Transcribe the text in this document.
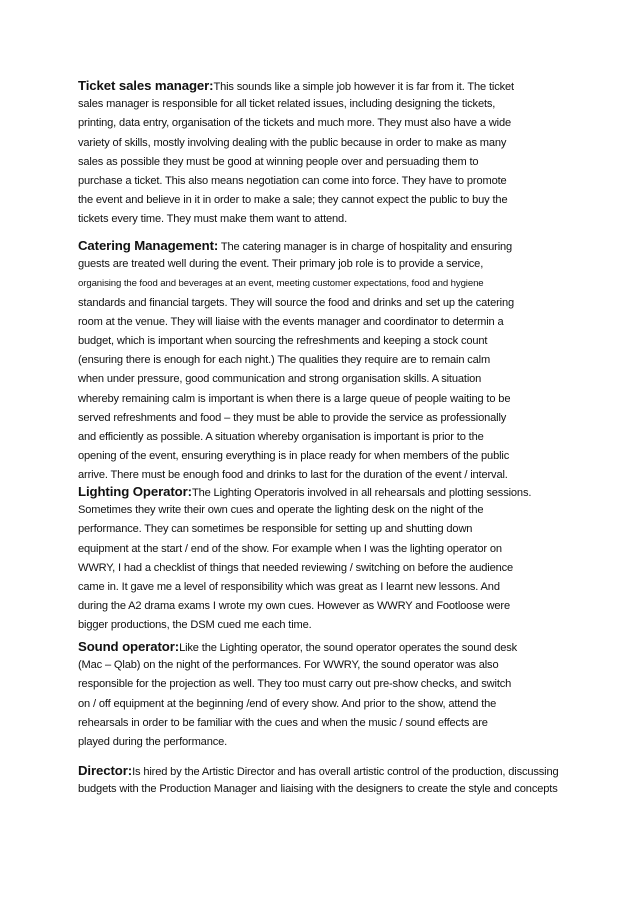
Ticket sales manager:This sounds like a simple job however it is far from it. The ticket
sales manager is responsible for all ticket related issues, including designing the tickets,
printing, data entry, organisation of the tickets and much more. They must also have a wide
variety of skills, mostly involving dealing with the public because in order to make as many
sales as possible they must be good at winning people over and persuading them to
purchase a ticket. This also means negotiation can come into force. They have to promote
the event and believe in it in order to make a sale; they cannot expect the public to buy the
tickets every time. They must make them want to attend.
Catering Management: The catering manager is in charge of hospitality and ensuring
guests are treated well during the event. Their primary job role is to provide a service,
organising the food and beverages at an event, meeting customer expectations, food and hygiene
standards and financial targets. They will source the food and drinks and set up the catering
room at the venue. They will liaise with the events manager and coordinator to determin a
budget, which is important when sourcing the refreshments and keeping a stock count
(ensuring there is enough for each night.) The qualities they require are to remain calm
when under pressure, good communication and strong organisation skills. A situation
whereby remaining calm is important is when there is a large queue of people waiting to be
served refreshments and food – they must be able to provide the service as professionally
and efficiently as possible. A situation whereby organisation is important is prior to the
opening of the event, ensuring everything is in place ready for when members of the public
arrive. There must be enough food and drinks to last for the duration of the event / interval.
Lighting Operator:The Lighting Operatoris involved in all rehearsals and plotting sessions.
Sometimes they write their own cues and operate the lighting desk on the night of the
performance. They can sometimes be responsible for setting up and shutting down
equipment at the start / end of the show. For example when I was the lighting operator on
WWRY, I had a checklist of things that needed reviewing / switching on before the audience
came in. It gave me a level of responsibility which was great as I learnt new lessons. And
during the A2 drama exams I wrote my own cues. However as WWRY and Footloose were
bigger productions, the DSM cued me each time.
Sound operator:Like the Lighting operator, the sound operator operates the sound desk
(Mac – Qlab) on the night of the performances. For WWRY, the sound operator was also
responsible for the projection as well. They too must carry out pre-show checks, and switch
on / off equipment at the beginning /end of every show. And prior to the show, attend the
rehearsals in order to be familiar with the cues and when the music / sound effects are
played during the performance.
Director:Is hired by the Artistic Director and has overall artistic control of the production, discussing
budgets with the Production Manager and liaising with the designers to create the style and concepts
